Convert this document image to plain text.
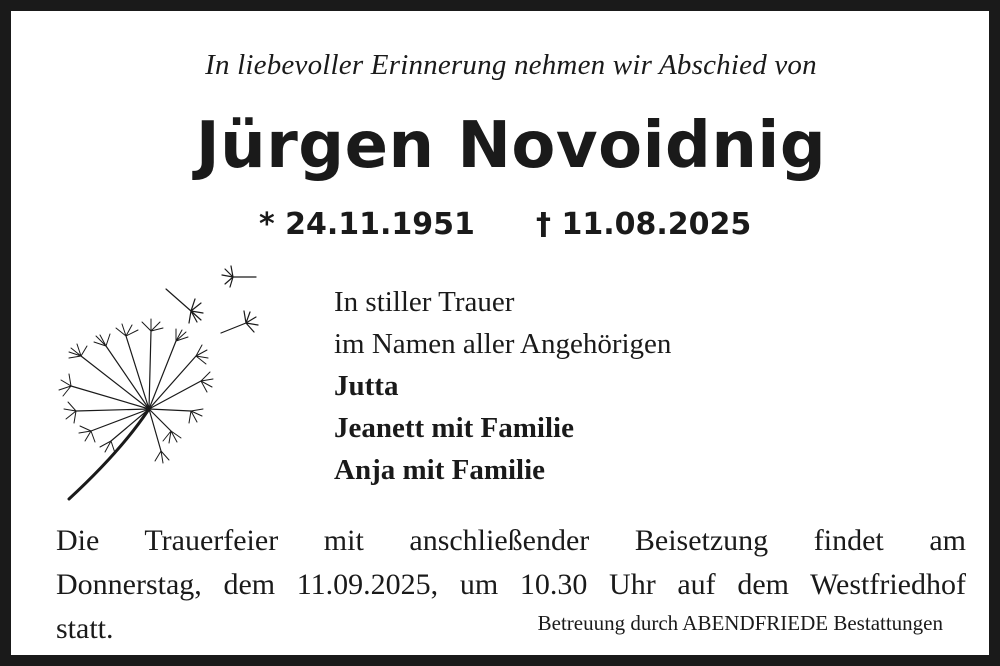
In liebevoller Erinnerung nehmen wir Abschied von
Jürgen Novoidnig
* 24.11.1951 † 11.08.2025
In stiller Trauer
im Namen aller Angehörigen
Jutta
Jeanett mit Familie
Anja mit Familie
Die Trauerfeier mit anschließender Beisetzung findet am
Donnerstag, dem 11.09.2025, um 10.30 Uhr auf dem Westfriedhof
statt.	Betreuung durch ABENDFRIEDE Bestattungen
